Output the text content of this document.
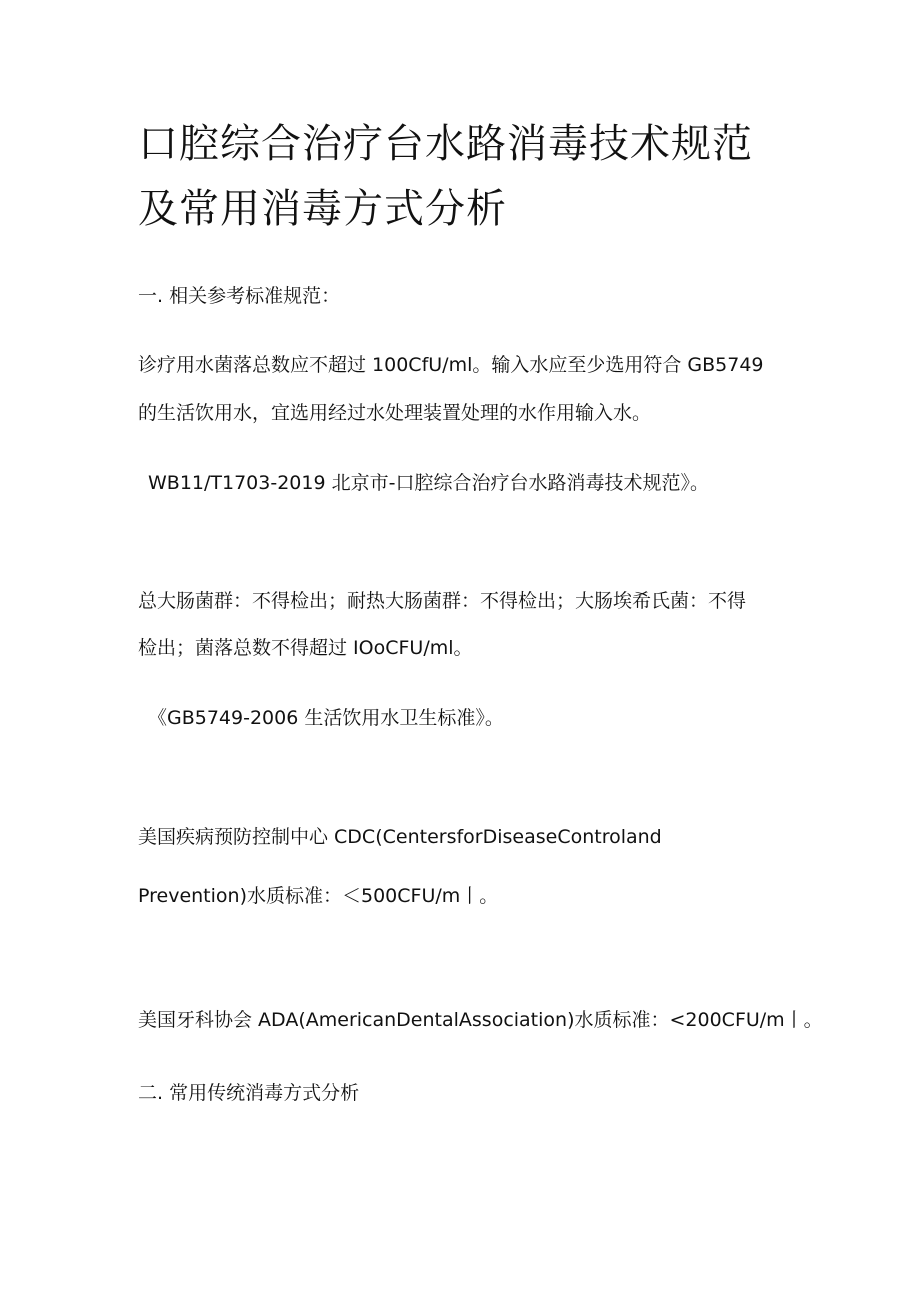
口腔综合治疗台水路消毒技术规范
及常用消毒方式分析

一. 相关参考标准规范：

诊疗用水菌落总数应不超过 100CfU/ml。输入水应至少选用符合 GB5749

的生活饮用水，宜选用经过水处理装置处理的水作用输入水。

WB11/T1703-2019 北京市-口腔综合治疗台水路消毒技术规范》。

总大肠菌群：不得检出；耐热大肠菌群：不得检出；大肠埃希氏菌：不得

检出；菌落总数不得超过 IOoCFU/ml。

《GB5749-2006 生活饮用水卫生标准》。

美国疾病预防控制中心 CDC(CentersforDiseaseControland

Prevention)水质标准：＜500CFU/m丨。

美国牙科协会 ADA(AmericanDentalAssociation)水质标准：<200CFU/m丨。

二. 常用传统消毒方式分析
